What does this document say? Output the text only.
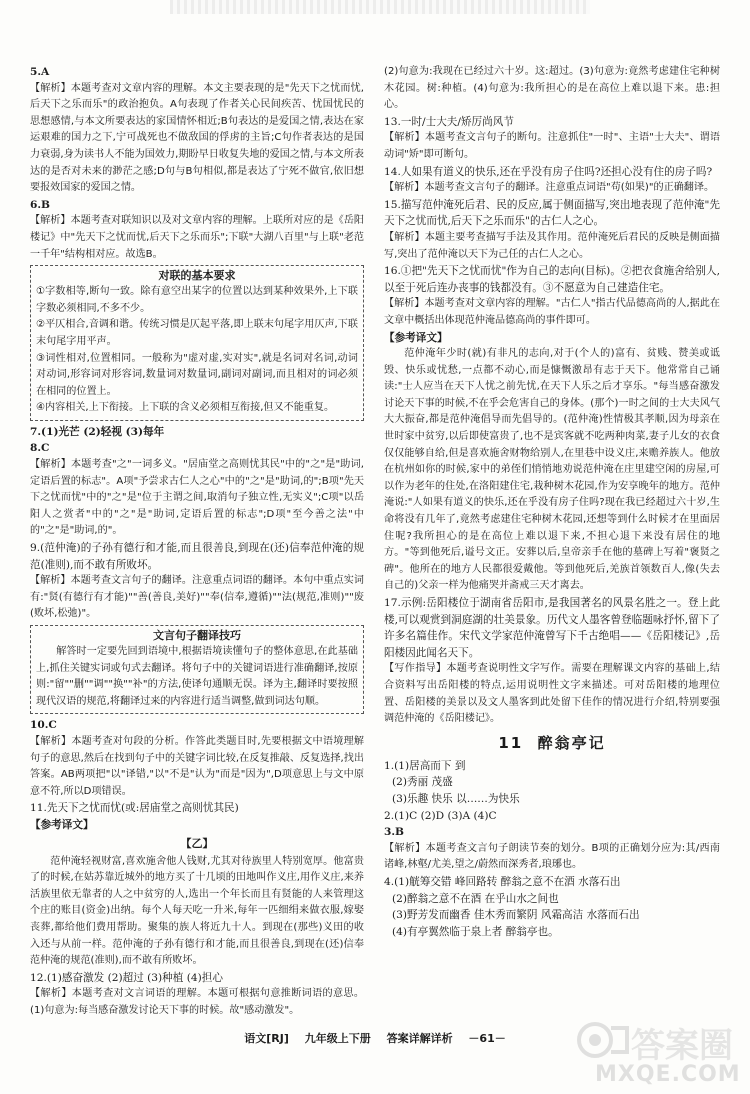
5.A

【解析】本题考查对文章内容的理解。本文主要表现的是"先天下之忧而忧,后天下之乐而乐"的政治抱负。A句表现了作者关心民间疾苦、忧国忧民的思想感情,与本文所要表达的家国情怀相近;B句表达的是爱国之情,表达在家运艰难的国力之下,宁可战死也不做敌国的俘虏的主旨;C句作者表达的是国力衰弱,身为读书人不能为国效力,期盼早日收复失地的爱国之情,与本文所表达的是否对未来的渺茫之感;D句与B句相似,都是表达了宁死不做官,依旧想要报效国家的爱国之情。

6.B

【解析】本题考查对联知识以及对文章内容的理解。上联所对应的是《岳阳楼记》中"先天下之忧而忧,后天下之乐而乐";下联"大湖八百里"与上联"老范一千年"结构相对应。故选B。

对联的基本要求

①字数相等,断句一致。除有意空出某字的位置以达到某种效果外,上下联字数必须相同,不多不少。

②平仄相合,音调和谐。传统习惯是仄起平落,即上联末句尾字用仄声,下联末句尾字用平声。

③词性相对,位置相同。一般称为"虚对虚,实对实",就是名词对名词,动词对动词,形容词对形容词,数量词对数量词,副词对副词,而且相对的词必须在相同的位置上。

④内容相关,上下衔接。上下联的含义必须相互衔接,但又不能重复。

7.(1)光芒 (2)轻视 (3)每年

8.C

【解析】本题考查"之"一词多义。"居庙堂之高则忧其民"中的"之"是"助词,定语后置的标志"。A项"予尝求古仁人之心"中的"之"是"助词,的";B项"先天下之忧而忧"中的"之"是"位于主谓之间,取消句子独立性,无实义";C项"以岳阳人之赏者"中的"之"是"助词,定语后置的标志";D项"至今善之法"中的"之"是"助词,的"。

9.(范仲淹)的子孙有德行和才能,而且很善良,到现在(还)信奉范仲淹的规范(准则),而不敢有所败坏。

【解析】本题考查文言句子的翻译。注意重点词语的翻译。本句中重点实词有:"贤(有德行有才能)""善(善良,美好)""奉(信奉,遵循)""法(规范,准则)""废(败坏,松弛)"。

文言句子翻译技巧

解答时一定要先回到语境中,根据语境读懂句子的整体意思,在此基础上,抓住关键实词或句式去翻译。将句子中的关键词语进行准确翻译,按原则:"留""删""调""换""补"的方法,使译句通顺无误。译为主,翻译时要按照现代汉语的规范,将翻译过来的内容进行适当调整,做到词达句顺。

10.C

【解析】本题考查对句段的分析。作答此类题目时,先要根据文中语境理解句子的意思,然后在找到句子中的关键字词比较,在反复推敲、反复选择,找出答案。AB两项把"以"译错,"以"不是"认为"而是"因为",D项意思上与文中原意不符,所以D项错误。

11.先天下之忧而忧(或:居庙堂之高则忧其民)

【参考译文】

【乙】

范仲淹轻视财富,喜欢施舍他人钱财,尤其对待族里人特别宽厚。他富贵了的时候,在姑苏靠近城外的地方买了十几顷的田地叫作义庄,用作义庄,来养活族里依无靠者的人之中贫穷的人,选出一个年长而且有贤能的人来管理这个庄的账目(资金)出纳。每个人每天吃一升米,每年一匹细绢来做衣服,嫁娶丧葬,都给他们费用帮助。聚集的族人将近九十人。到现在(那些)义田的收入还与从前一样。范仲淹的子孙有德行和才能,而且很善良,到现在(还)信奉范仲淹的规范(准则),而不敢有所败坏。

12.(1)感奋激发 (2)超过 (3)种植 (4)担心

【解析】本题考查对文言词语的理解。本题可根据句意推断词语的意思。(1)句意为:每当感奋激发讨论天下事的时候。故"感动激发"。

(2)句意为:我现在已经过六十岁。这:超过。(3)句意为:竟然考虑建住宅种树木花园。树:种植。(4)句意为:我所担心的是在高位上难以退下来。患:担心。

13.一时/士大夫/矫厉尚风节

【解析】本题考查文言句子的断句。注意抓住"一时"、主语"士大夫"、谓语动词"矫"即可断句。

14.人如果有道义的快乐,还在乎没有房子住吗?还担心没有住的房子吗?

【解析】本题考查文言句子的翻译。注意重点词语"苟(如果)"的正确翻译。

15.描写范仲淹死后君、民的反应,属于侧面描写,突出地表现了范仲淹"先天下之忧而忧,后天下之乐而乐"的古仁人之心。

【解析】本题主要考查描写手法及其作用。范仲淹死后君民的反映是侧面描写,突出了范仲淹以天下为己任的古仁人之心。

16.①把"先天下之忧而忧"作为自己的志向(目标)。②把衣食施舍给别人,以至于死后连办丧事的钱都没有。③不愿意为自己建造住宅。

【解析】本题考查对文章内容的理解。"古仁人"指古代品德高尚的人,据此在文章中概括出体现范仲淹品德高尚的事件即可。

【参考译文】

范仲淹年少时(就)有非凡的志向,对于(个人的)富有、贫贱、赞美或诋毁、快乐或忧愁,一点都不动心,而是慷慨激昂有志于天下。他常常自己诵读:"士人应当在天下人忧之前先忧,在天下人乐之后才享乐。"每当感奋激发讨论天下事的时候,不在乎会危害自己的身体。(那个)一时之间的士大夫风气大大振奋,都是范仲淹倡导而先倡导的。(范仲淹)性情极其孝顺,因为母亲在世时家中贫穷,以后即使富贵了,也不是宾客就不吃两种肉菜,妻子儿女的衣食仅仅能够自给,但是喜欢施舍财物给别人,在里巷中设义庄,来赡养族人。他放在杭州如你的时候,家中的弟侄们悄悄地劝说范仲淹在庄里建空闲的房屋,可以作为老年的住处,在洛阳建住宅,栽种树木花园,作为安享晚年的地方。范仲淹说:"人如果有道义的快乐,还在乎没有房子住吗?现在我已经超过六十岁,生命将没有几年了,竟然考虑建住宅种树木花园,还想等到什么时候才在里面居住呢?我所担心的是在高位上难以退下来,不担心退下来没有居住的地方。"等到他死后,谥号文正。安葬以后,皇帝亲手在他的墓碑上写着"褒贤之碑"。他所在的地方人民都很爱戴他。等到他死后,羌族首领数百人,像(失去自己的)父亲一样为他痛哭并斋戒三天才离去。

17.示例:岳阳楼位于湖南省岳阳市,是我国著名的风景名胜之一。登上此楼,可以观赏到洞庭湖的壮美景象。历代文人墨客曾登临题咏抒怀,留下了许多名篇佳作。宋代文学家范仲淹曾写下千古绝唱——《岳阳楼记》,岳阳楼因此闻名天下。

【写作指导】本题考查说明性文字写作。需要在理解课文内容的基础上,结合资料写出岳阳楼的特点,运用说明性文字来描述。可对岳阳楼的地理位置、岳阳楼的美景以及文人墨客到此处留下佳作的情况进行介绍,特别要强调范仲淹的《岳阳楼记》。

11 醉翁亭记

1.(1)居高而下 到

(2)秀丽 茂盛

(3)乐趣 快乐 以……为快乐

2.(1)C (2)D (3)A (4)C

3.B

【解析】本题考查文言句子朗读节奏的划分。B项的正确划分应为:其/西南诸峰,林壑/尤美,望之/蔚然而深秀者,琅琊也。

4.(1)觥筹交错 峰回路转 醉翁之意不在酒 水落石出

(2)醉翁之意不在酒 在乎山水之间也

(3)野芳发而幽香 佳木秀而繁阴 风霜高洁 水落而石出

(4)有亭翼然临于泉上者 醉翁亭也。

语文[RJ] 九年级上下册 答案详解详析 －61－	答案圈
MXQE.COM
